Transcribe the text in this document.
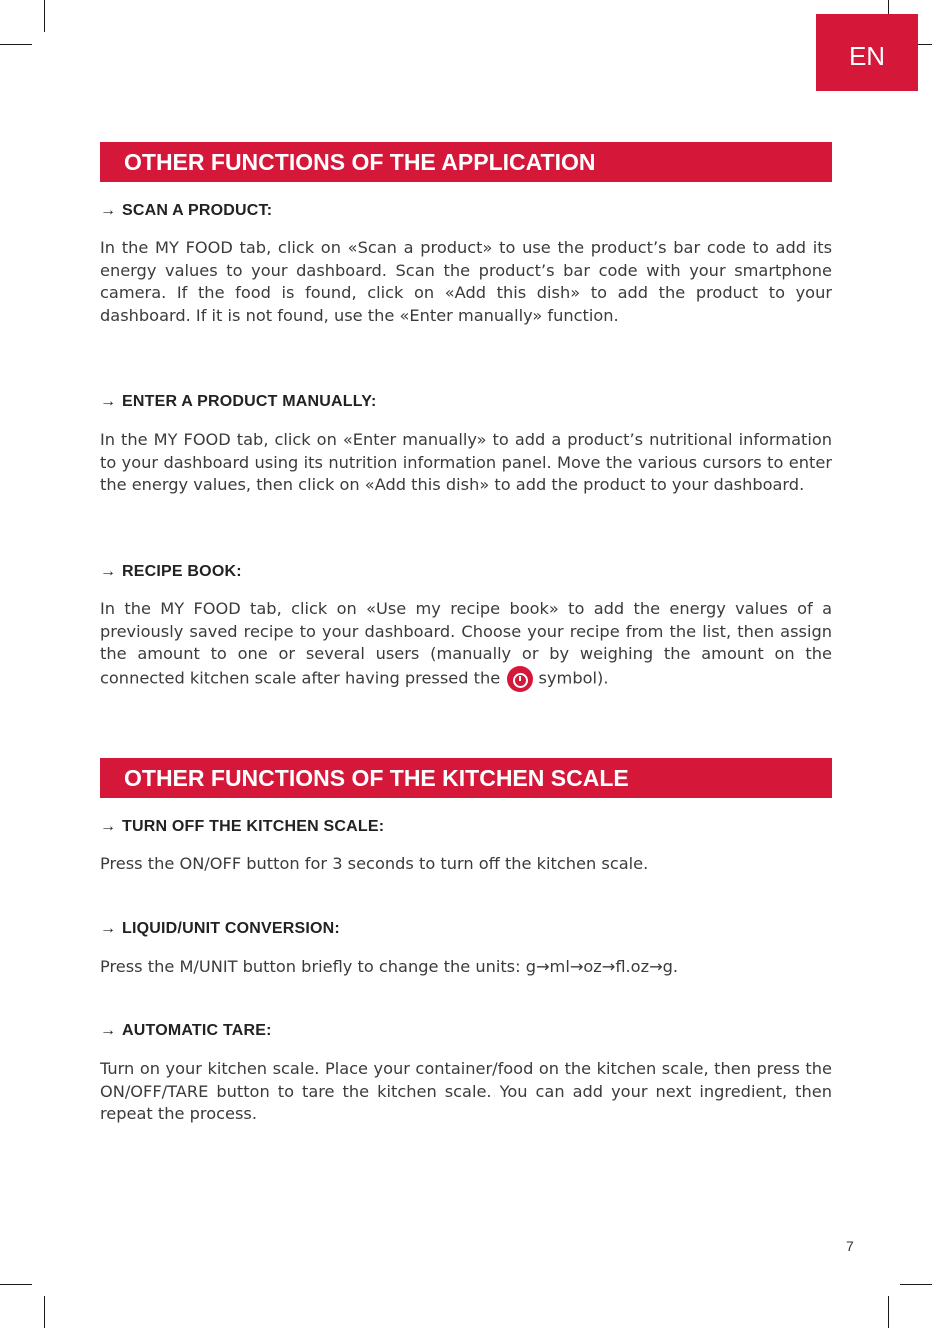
EN
OTHER FUNCTIONS OF THE APPLICATION
→ SCAN A PRODUCT:

In the MY FOOD tab, click on «Scan a product» to use the product’s bar code to add its energy values to your dashboard. Scan the product’s bar code with your smartphone camera. If the food is found, click on «Add this dish» to add the product to your dashboard. If it is not found, use the «Enter manually» function.

→ ENTER A PRODUCT MANUALLY:

In the MY FOOD tab, click on «Enter manually» to add a product’s nutritional information to your dashboard using its nutrition information panel. Move the various cursors to enter the energy values, then click on «Add this dish» to add the product to your dashboard.

→ RECIPE BOOK:

In the MY FOOD tab, click on «Use my recipe book» to add the energy values of a previously saved recipe to your dashboard. Choose your recipe from the list, then assign the amount to one or several users (manually or by weighing the amount on the connected kitchen scale after having pressed the symbol).

OTHER FUNCTIONS OF THE KITCHEN SCALE
→ TURN OFF THE KITCHEN SCALE:

Press the ON/OFF button for 3 seconds to turn off the kitchen scale.

→ LIQUID/UNIT CONVERSION:

Press the M/UNIT button briefly to change the units: g→ml→oz→fl.oz→g.

→ AUTOMATIC TARE:

Turn on your kitchen scale. Place your container/food on the kitchen scale, then press the ON/OFF/TARE button to tare the kitchen scale. You can add your next ingredient, then repeat the process.

7
